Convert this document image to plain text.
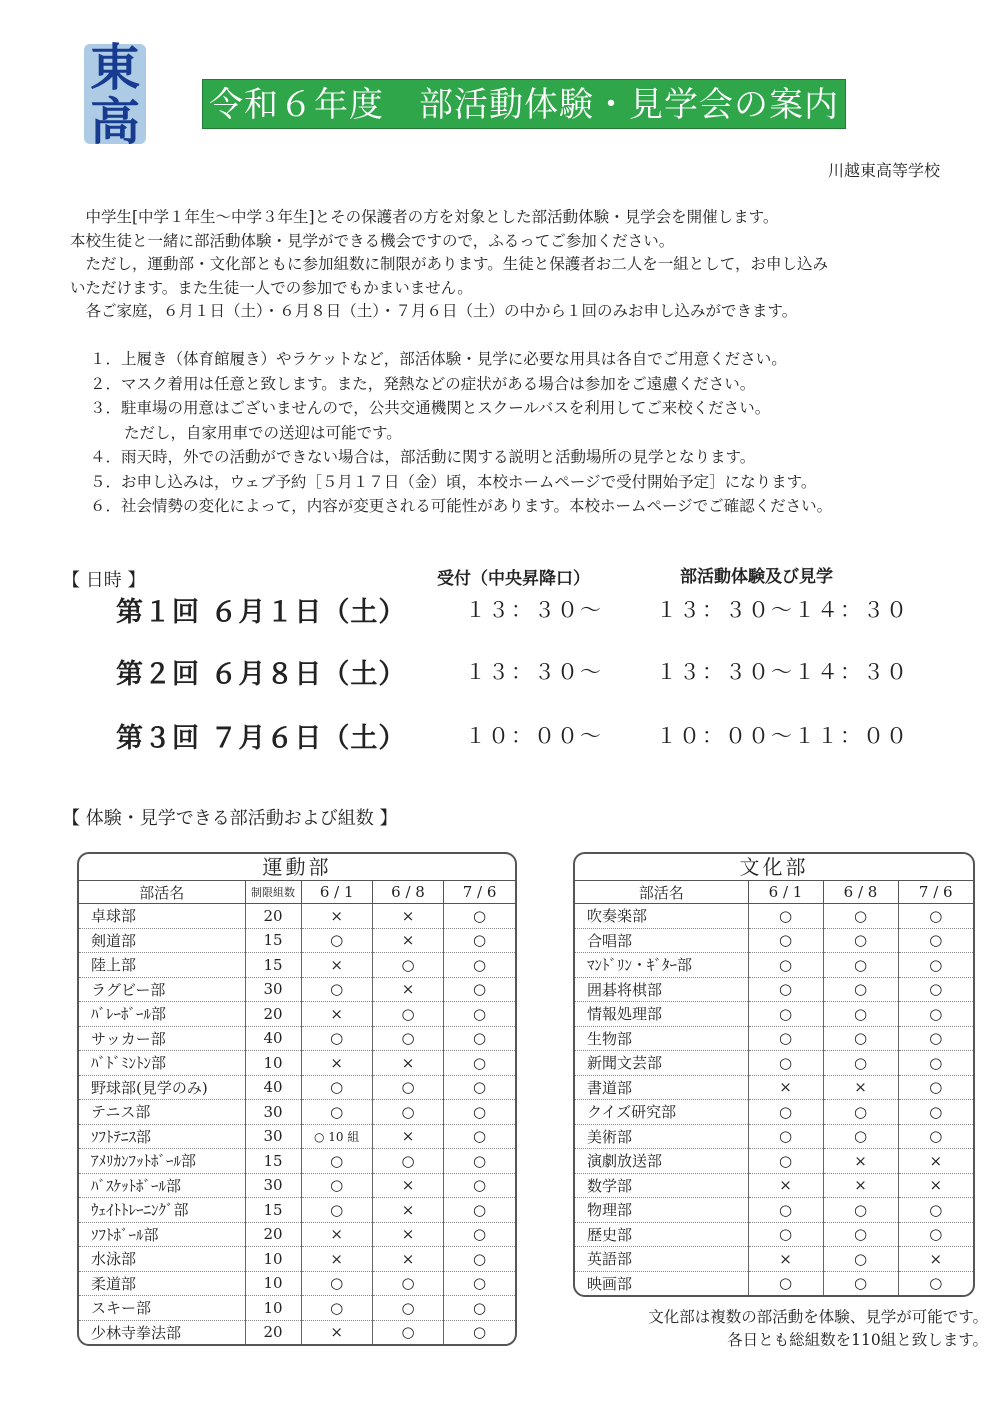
東
高	令和６年度　部活動体験・見学会の案内
川越東高等学校

　中学生[中学１年生～中学３年生]とその保護者の方を対象とした部活動体験・見学会を開催します。

本校生徒と一緒に部活動体験・見学ができる機会ですので，ふるってご参加ください。

　ただし，運動部・文化部ともに参加組数に制限があります。生徒と保護者お二人を一組として，お申し込み

いただけます。また生徒一人での参加でもかまいません。

　各ご家庭，６月１日（土）・６月８日（土）・７月６日（土）の中から１回のみお申し込みができます。

１．上履き（体育館履き）やラケットなど，部活体験・見学に必要な用具は各自でご用意ください。
２．マスク着用は任意と致します。また，発熱などの症状がある場合は参加をご遠慮ください。
３．駐車場の用意はございませんので，公共交通機関とスクールバスを利用してご来校ください。
ただし，自家用車での送迎は可能です。
４．雨天時，外での活動ができない場合は，部活動に関する説明と活動場所の見学となります。
５．お申し込みは，ウェブ予約［５月１７日（金）頃，本校ホームページで受付開始予定］になります。
６．社会情勢の変化によって，内容が変更される可能性があります。本校ホームページでご確認ください。
【 日時 】	受付（中央昇降口）	部活動体験及び見学
第１回 ６月１日（土）	１３：３０～	１３：３０～１４：３０
第２回 ６月８日（土）	１３：３０～	１３：３０～１４：３０
第３回 ７月６日（土）	１０：００～	１０：００～１１：００
【 体験・見学できる部活動および組数 】
運動部
部活名	制限組数	6 / 1	6 / 8	7 / 6
卓球部	20	×	×	○
剣道部	15	○	×	○
陸上部	15	×	○	○
ラグビー部	30	○	×	○
ﾊﾞﾚｰﾎﾞｰﾙ部	20	×	○	○
サッカー部	40	○	○	○
ﾊﾞﾄﾞﾐﾝﾄﾝ部	10	×	×	○
野球部(見学のみ)	40	○	○	○
テニス部	30	○	○	○
ｿﾌﾄﾃﾆｽ部	30	○ 10 組	×	○
ｱﾒﾘｶﾝﾌｯﾄﾎﾞｰﾙ部	15	○	○	○
ﾊﾞｽｹｯﾄﾎﾞｰﾙ部	30	○	×	○
ｳｪｲﾄﾄﾚｰﾆﾝｸﾞ部	15	○	×	○
ｿﾌﾄﾎﾞｰﾙ部	20	×	×	○
水泳部	10	×	×	○
柔道部	10	○	○	○
スキー部	10	○	○	○
少林寺拳法部	20	×	○	○
文化部
部活名	6 / 1	6 / 8	7 / 6
吹奏楽部	○	○	○
合唱部	○	○	○
ﾏﾝﾄﾞﾘﾝ・ｷﾞﾀｰ部	○	○	○
囲碁将棋部	○	○	○
情報処理部	○	○	○
生物部	○	○	○
新聞文芸部	○	○	○
書道部	×	×	○
クイズ研究部	○	○	○
美術部	○	○	○
演劇放送部	○	×	×
数学部	×	×	×
物理部	○	○	○
歴史部	○	○	○
英語部	×	○	×
映画部	○	○	○
文化部は複数の部活動を体験、見学が可能です。
各日とも総組数を110組と致します。
